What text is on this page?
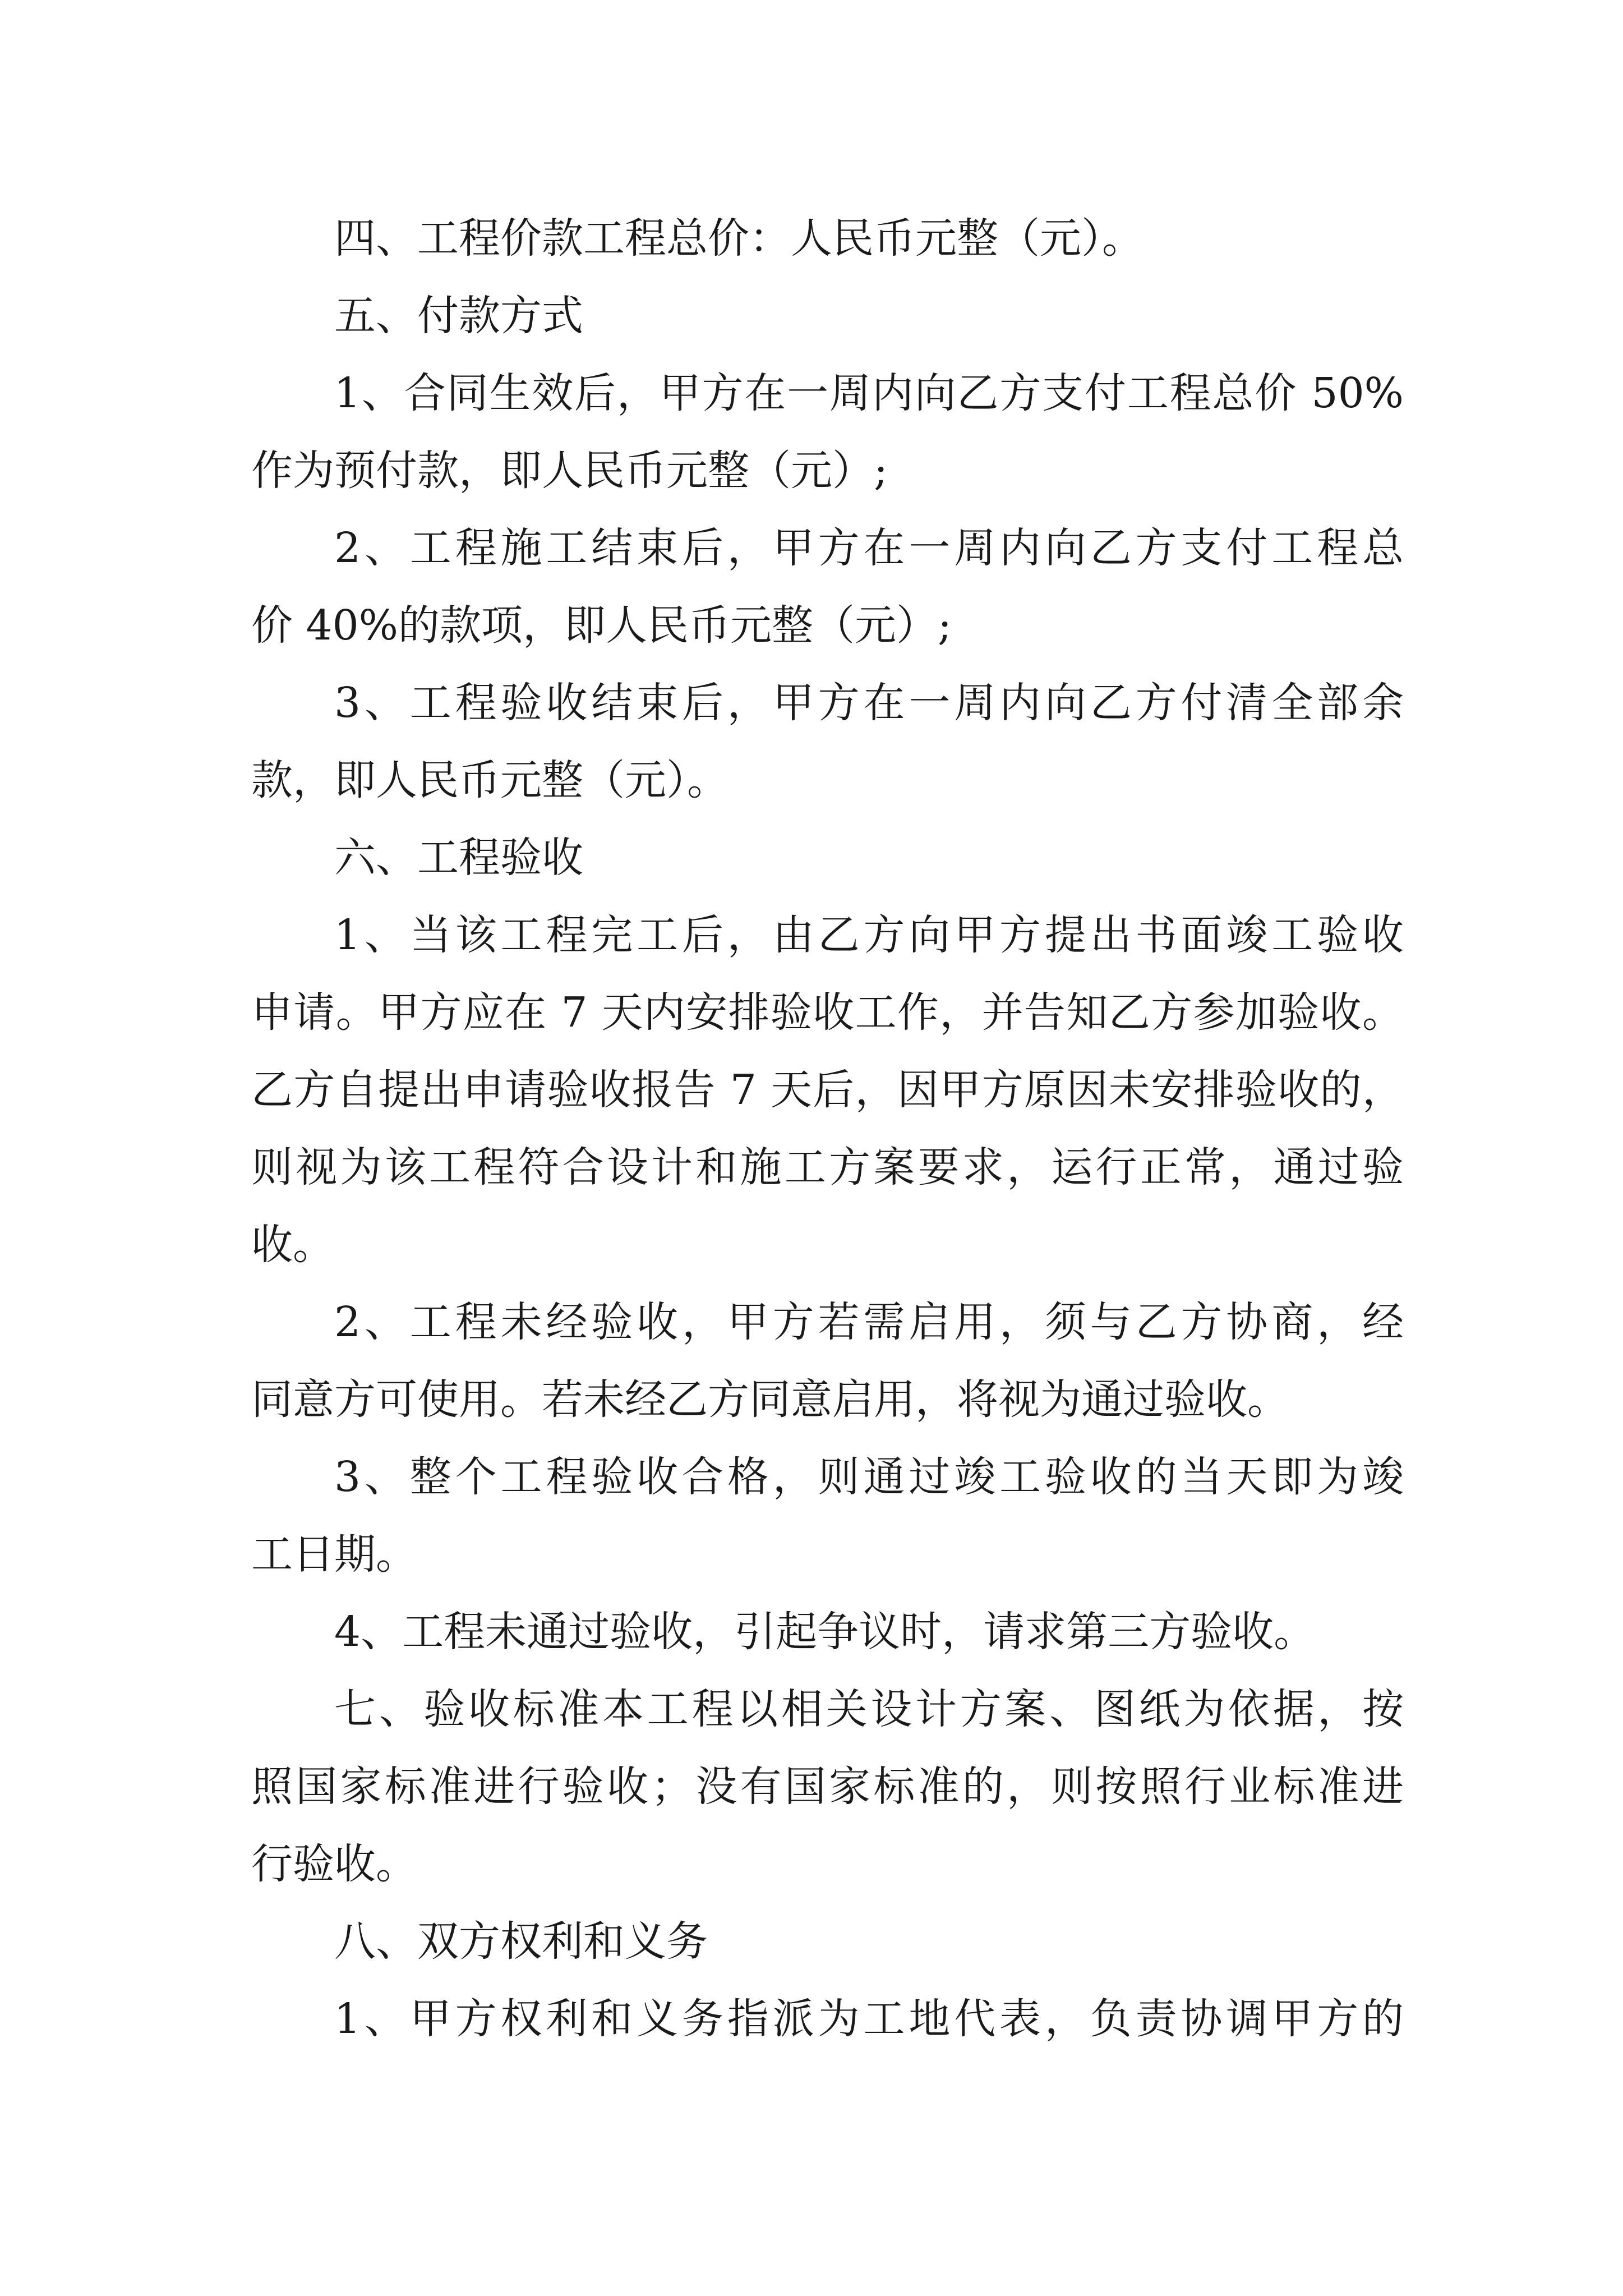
四、工程价款工程总价：人民币元整（元）。
五、付款方式
1、合同生效后，甲方在一周内向乙方支付工程总价 50%
作为预付款，即人民币元整（元）;
2、工程施工结束后，甲方在一周内向乙方支付工程总
价 40%的款项，即人民币元整（元）;
3、工程验收结束后，甲方在一周内向乙方付清全部余
款，即人民币元整（元）。
六、工程验收
1、当该工程完工后，由乙方向甲方提出书面竣工验收
申请。甲方应在 7 天内安排验收工作，并告知乙方参加验收。
乙方自提出申请验收报告 7 天后，因甲方原因未安排验收的，
则视为该工程符合设计和施工方案要求，运行正常，通过验
收。
2、工程未经验收，甲方若需启用，须与乙方协商，经
同意方可使用。若未经乙方同意启用，将视为通过验收。
3、整个工程验收合格，则通过竣工验收的当天即为竣
工日期。
4、工程未通过验收，引起争议时，请求第三方验收。
七、验收标准本工程以相关设计方案、图纸为依据，按
照国家标准进行验收；没有国家标准的，则按照行业标准进
行验收。
八、双方权利和义务
1、甲方权利和义务指派为工地代表，负责协调甲方的
